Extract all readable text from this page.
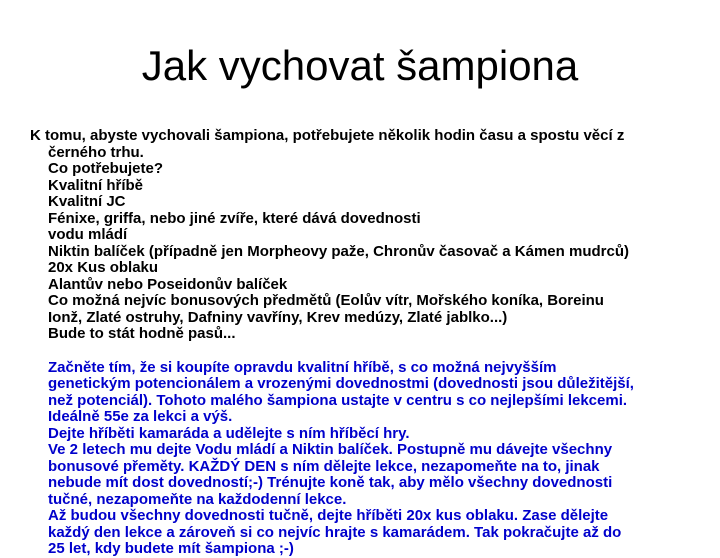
Jak vychovat šampiona
K tomu, abyste vychovali šampiona, potřebujete několik hodin času a spostu věcí z
černého trhu.
Co potřebujete?
Kvalitní hříbě
Kvalitní JC
Fénixe, griffa, nebo jiné zvíře, které dává dovednosti
vodu mládí
Niktin balíček (případně jen Morpheovy paže, Chronův časovač a Kámen mudrců)
20x Kus oblaku
Alantův nebo Poseidonův balíček
Co možná nejvíc bonusových předmětů (Eolův vítr, Mořského koníka, Boreinu
Ionž, Zlaté ostruhy, Dafniny vavříny, Krev medúzy, Zlaté jablko...)
Bude to stát hodně pasů...
Začněte tím, že si koupíte opravdu kvalitní hříbě, s co možná nejvyšším
genetickým potencionálem a vrozenými dovednostmi (dovednosti jsou důležitější,
než potenciál). Tohoto malého šampiona ustajte v centru s co nejlepšími lekcemi.
Ideálně 55e za lekci a výš.
Dejte hříběti kamaráda a udělejte s ním hříběcí hry.
Ve 2 letech mu dejte Vodu mládí a Niktin balíček. Postupně mu dávejte všechny
bonusové přeměty. KAŽDÝ DEN s ním dělejte lekce, nezapomeňte na to, jinak
nebude mít dost dovedností;-) Trénujte koně tak, aby mělo všechny dovednosti
tučné, nezapomeňte na každodenní lekce.
Až budou všechny dovednosti tučně, dejte hříběti 20x kus oblaku. Zase dělejte
každý den lekce a zároveň si co nejvíc hrajte s kamarádem. Tak pokračujte až do
25 let, kdy budete mít šampiona ;-)
